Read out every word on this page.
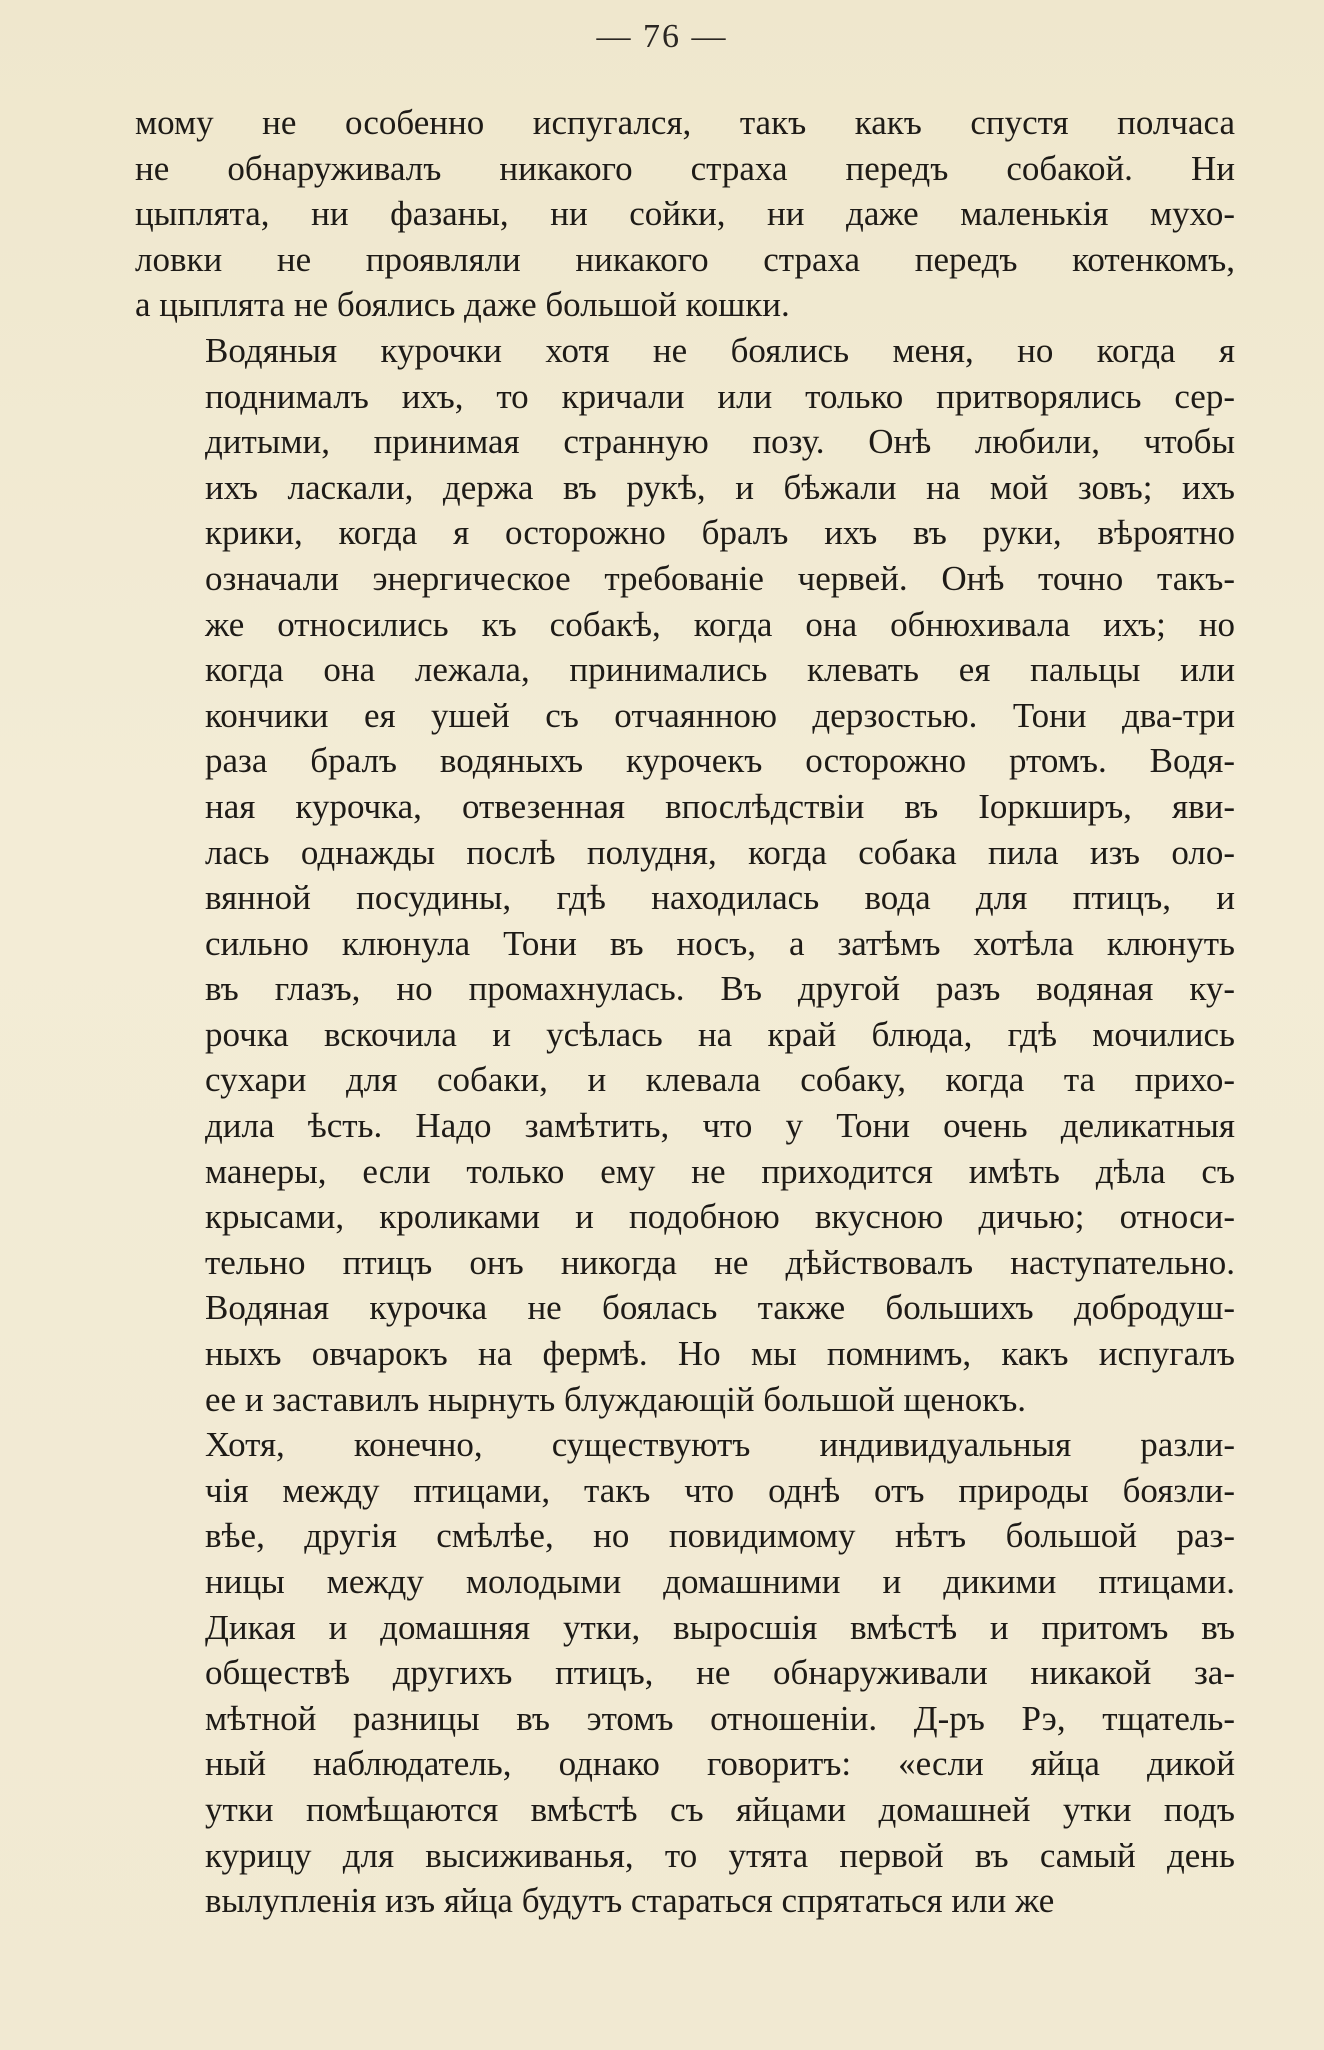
— 76 —

мому не особенно испугался, такъ какъ спустя полчаса
не обнаруживалъ никакого страха передъ собакой. Ни
цыплята, ни фазаны, ни сойки, ни даже маленькія мухо-
ловки не проявляли никакого страха передъ котенкомъ,
а цыплята не боялись даже большой кошки.

Водяныя курочки хотя не боялись меня, но когда я
поднималъ ихъ, то кричали или только притворялись сер-
дитыми, принимая странную позу. Онѣ любили, чтобы
ихъ ласкали, держа въ рукѣ, и бѣжали на мой зовъ; ихъ
крики, когда я осторожно бралъ ихъ въ руки, вѣроятно
означали энергическое требованіе червей. Онѣ точно такъ-
же относились къ собакѣ, когда она обнюхивала ихъ; но
когда она лежала, принимались клевать ея пальцы или
кончики ея ушей съ отчаянною дерзостью. Тони два-три
раза бралъ водяныхъ курочекъ осторожно ртомъ. Водя-
ная курочка, отвезенная впослѣдствіи въ Іоркширъ, яви-
лась однажды послѣ полудня, когда собака пила изъ оло-
вянной посудины, гдѣ находилась вода для птицъ, и
сильно клюнула Тони въ носъ, а затѣмъ хотѣла клюнуть
въ глазъ, но промахнулась. Въ другой разъ водяная ку-
рочка вскочила и усѣлась на край блюда, гдѣ мочились
сухари для собаки, и клевала собаку, когда та прихо-
дила ѣсть. Надо замѣтить, что у Тони очень деликатныя
манеры, если только ему не приходится имѣть дѣла съ
крысами, кроликами и подобною вкусною дичью; относи-
тельно птицъ онъ никогда не дѣйствовалъ наступательно.
Водяная курочка не боялась также большихъ добродуш-
ныхъ овчарокъ на фермѣ. Но мы помнимъ, какъ испугалъ
ее и заставилъ нырнуть блуждающій большой щенокъ.

Хотя, конечно, существуютъ индивидуальныя разли-
чія между птицами, такъ что однѣ отъ природы боязли-
вѣе, другія смѣлѣе, но повидимому нѣтъ большой раз-
ницы между молодыми домашними и дикими птицами.
Дикая и домашняя утки, выросшія вмѣстѣ и притомъ въ
обществѣ другихъ птицъ, не обнаруживали никакой за-
мѣтной разницы въ этомъ отношеніи. Д-ръ Рэ, тщатель-
ный наблюдатель, однако говоритъ: «если яйца дикой
утки помѣщаются вмѣстѣ съ яйцами домашней утки подъ
курицу для высиживанья, то утята первой въ самый день
вылупленія изъ яйца будутъ стараться спрятаться или же
